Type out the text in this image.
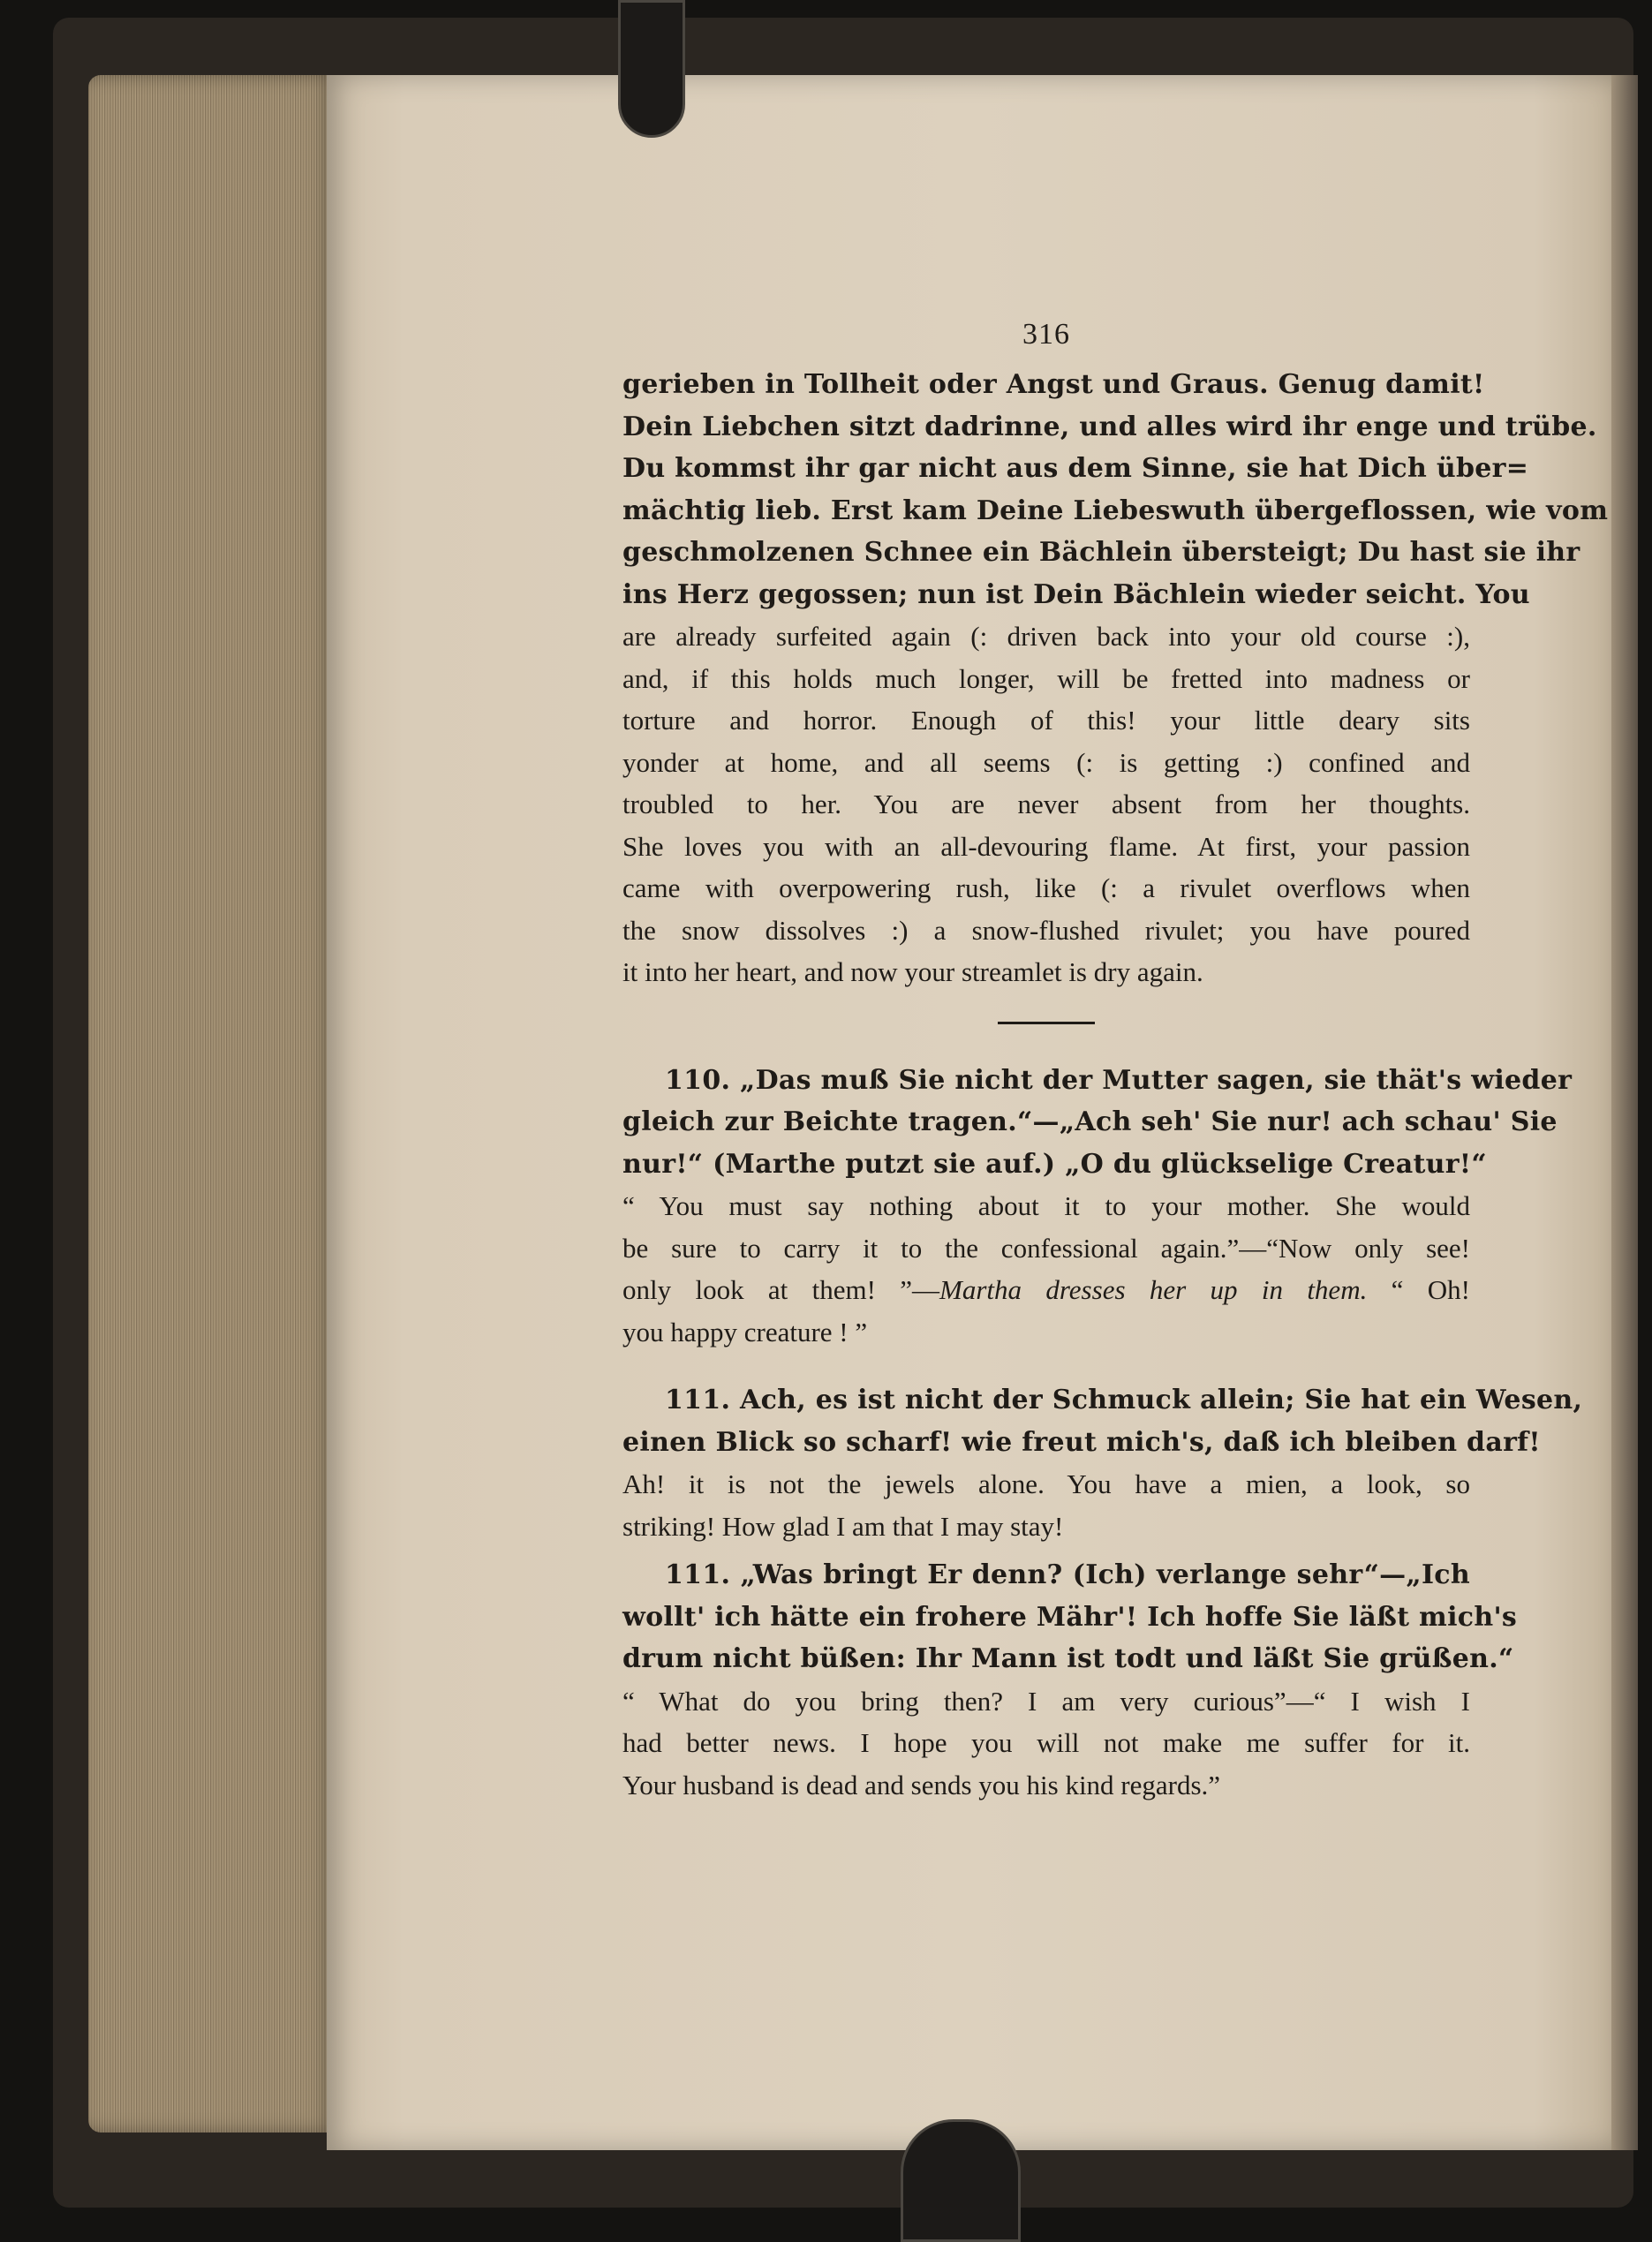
316
gerieben in Tollheit oder Angst und Graus. Genug damit!
Dein Liebchen sitzt dadrinne, und alles wird ihr enge und trübe.
Du kommst ihr gar nicht aus dem Sinne, sie hat Dich über=
mächtig lieb. Erst kam Deine Liebeswuth übergeflossen, wie vom
geschmolzenen Schnee ein Bächlein übersteigt; Du hast sie ihr
ins Herz gegossen; nun ist Dein Bächlein wieder seicht. You
are already surfeited again (: driven back into your old course :),
and, if this holds much longer, will be fretted into madness or
torture and horror. Enough of this! your little deary sits
yonder at home, and all seems (: is getting :) confined and
troubled to her. You are never absent from her thoughts.
She loves you with an all-devouring flame. At first, your passion
came with overpowering rush, like (: a rivulet overflows when
the snow dissolves :) a snow-flushed rivulet; you have poured
it into her heart, and now your streamlet is dry again.
110. „Das muß Sie nicht der Mutter sagen, sie thät's wieder
gleich zur Beichte tragen.“—„Ach seh' Sie nur! ach schau' Sie
nur!“ (Marthe putzt sie auf.) „O du glückselige Creatur!“
“ You must say nothing about it to your mother. She would
be sure to carry it to the confessional again.”—“Now only see!
only look at them! ”—Martha dresses her up in them. “ Oh!
you happy creature ! ”
111. Ach, es ist nicht der Schmuck allein; Sie hat ein Wesen,
einen Blick so scharf! wie freut mich's, daß ich bleiben darf!
Ah! it is not the jewels alone. You have a mien, a look, so
striking! How glad I am that I may stay!
111. „Was bringt Er denn? (Ich) verlange sehr“—„Ich
wollt' ich hätte ein frohere Mähr'! Ich hoffe Sie läßt mich's
drum nicht büßen: Ihr Mann ist todt und läßt Sie grüßen.“
“ What do you bring then? I am very curious”—“ I wish I
had better news. I hope you will not make me suffer for it.
Your husband is dead and sends you his kind regards.”
